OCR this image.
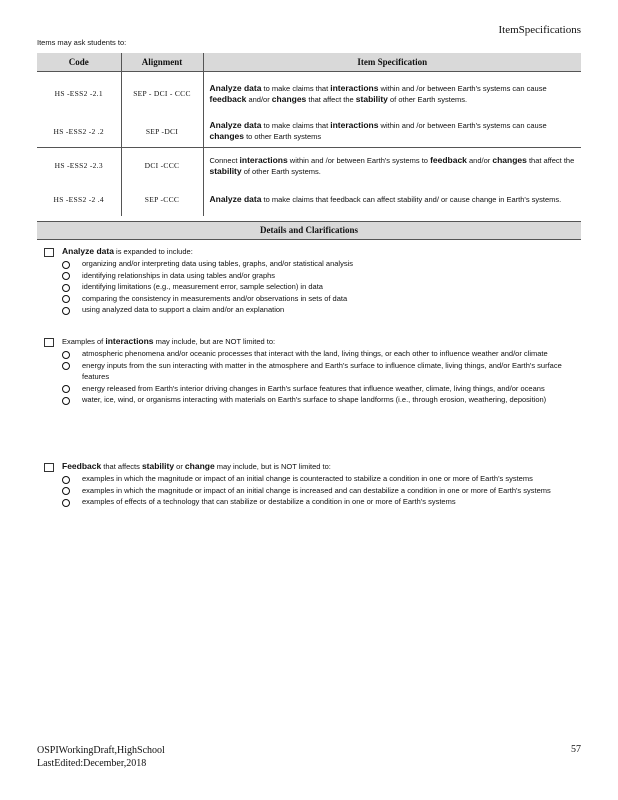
ItemSpecifications
Items may ask students to:
Code	Alignment	Item Specification
HS -ESS2 -2.1	SEP - DCI - CCC	Analyze data to make claims that interactions within and /or between Earth's systems can cause feedback and/or changes that affect the stability of other Earth systems.
HS -ESS2 -2 .2	SEP -DCI	Analyze data to make claims that interactions within and /or between Earth's systems can cause changes to other Earth systems
HS -ESS2 -2.3	DCI -CCC	Connect interactions within and /or between Earth's systems to feedback and/or changes that affect the stability of other Earth systems.
HS -ESS2 -2 .4	SEP -CCC	Analyze data to make claims that feedback can affect stability and/ or cause change in Earth's systems.
Details and Clarifications
Analyze data is expanded to include:
organizing and/or interpreting data using tables, graphs, and/or statistical analysis
identifying relationships in data using tables and/or graphs
identifying limitations (e.g., measurement error, sample selection) in data
comparing the consistency in measurements and/or observations in sets of data
using analyzed data to support a claim and/or an explanation
Examples of interactions may include, but are NOT limited to:
atmospheric phenomena and/or oceanic processes that interact with the land, living things, or each other to influence weather and/or climate
energy inputs from the sun interacting with matter in the atmosphere and Earth's surface to influence climate, living things, and/or Earth's surface features
energy released from Earth's interior driving changes in Earth's surface features that influence weather, climate, living things, and/or oceans
water, ice, wind, or organisms interacting with materials on Earth's surface to shape landforms (i.e., through erosion, weathering, deposition)
Feedback that affects stability or change may include, but is NOT limited to:
examples in which the magnitude or impact of an initial change is counteracted to stabilize a condition in one or more of Earth's systems
examples in which the magnitude or impact of an initial change is increased and can destabilize a condition in one or more of Earth's systems
examples of effects of a technology that can stabilize or destabilize a condition in one or more of Earth's systems
OSPIWorkingDraft,HighSchool
LastEdited:December,2018
57
